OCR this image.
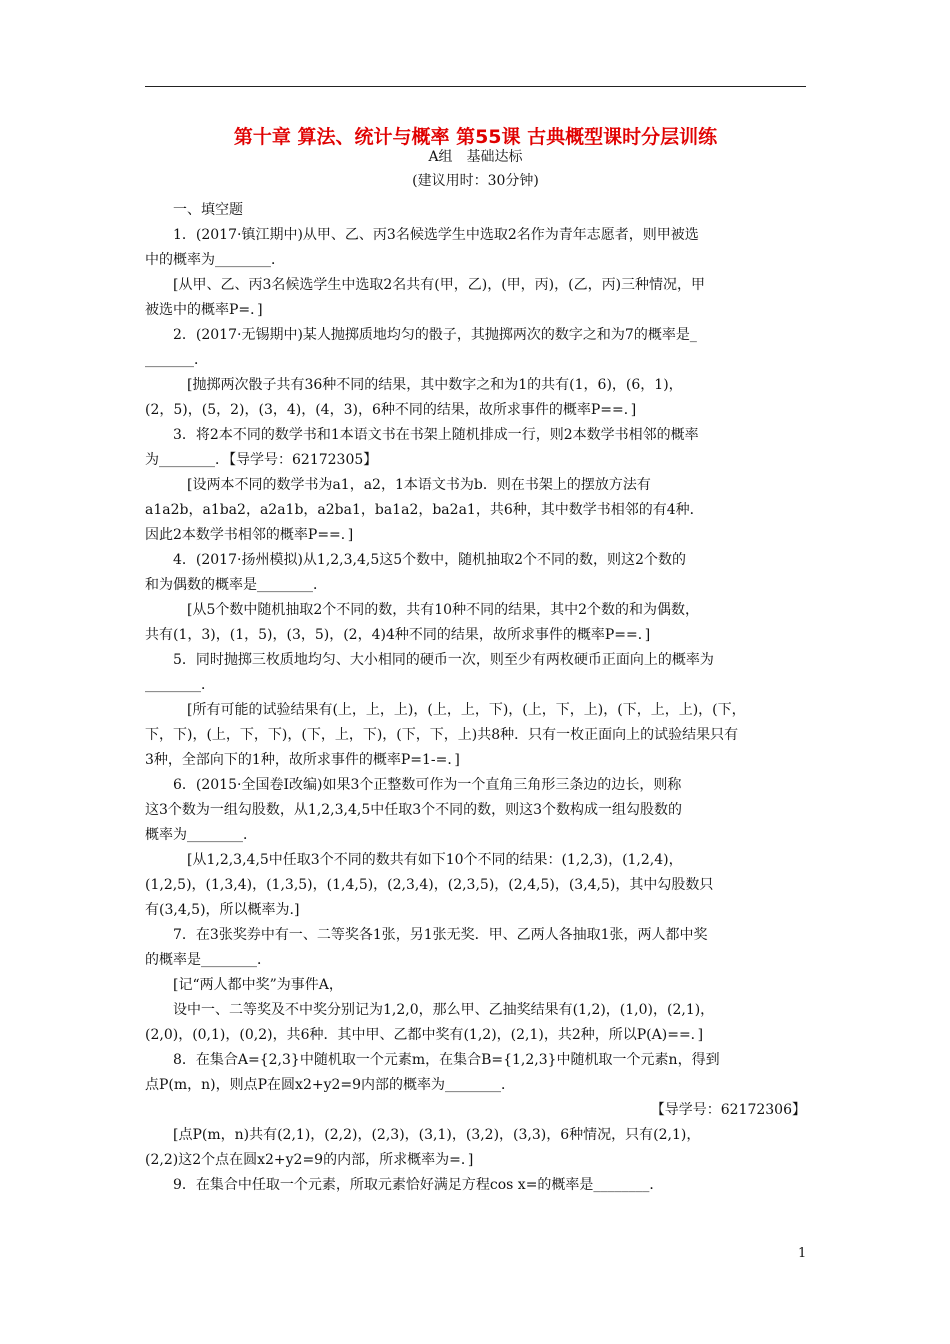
第十章 算法、统计与概率 第55课 古典概型课时分层训练
A组　基础达标
(建议用时：30分钟)

一、填空题

1．(2017·镇江期中)从甲、乙、丙3名候选学生中选取2名作为青年志愿者，则甲被选

中的概率为________．

[从甲、乙、丙3名候选学生中选取2名共有(甲，乙)，(甲，丙)，(乙，丙)三种情况，甲

被选中的概率P=．]

2．(2017·无锡期中)某人抛掷质地均匀的骰子，其抛掷两次的数字之和为7的概率是_

_______．

[抛掷两次骰子共有36种不同的结果，其中数字之和为1的共有(1，6)，(6，1)，

(2，5)，(5，2)，(3，4)，(4，3)，6种不同的结果，故所求事件的概率P==．]

3．将2本不同的数学书和1本语文书在书架上随机排成一行，则2本数学书相邻的概率

为________．【导学号：62172305】

[设两本不同的数学书为a1，a2，1本语文书为b．则在书架上的摆放方法有

a1a2b，a1ba2，a2a1b，a2ba1，ba1a2，ba2a1，共6种，其中数学书相邻的有4种．

因此2本数学书相邻的概率P==．]

4．(2017·扬州模拟)从1,2,3,4,5这5个数中，随机抽取2个不同的数，则这2个数的

和为偶数的概率是________．

[从5个数中随机抽取2个不同的数，共有10种不同的结果，其中2个数的和为偶数，

共有(1，3)，(1，5)，(3，5)，(2，4)4种不同的结果，故所求事件的概率P==．]

5．同时抛掷三枚质地均匀、大小相同的硬币一次，则至少有两枚硬币正面向上的概率为

________．

[所有可能的试验结果有(上，上，上)，(上，上，下)，(上，下，上)，(下，上，上)，(下，

下，下)，(上，下，下)，(下，上，下)，(下，下，上)共8种．只有一枚正面向上的试验结果只有

3种，全部向下的1种，故所求事件的概率P=1-=．]

6．(2015·全国卷Ⅰ改编)如果3个正整数可作为一个直角三角形三条边的边长，则称

这3个数为一组勾股数，从1,2,3,4,5中任取3个不同的数，则这3个数构成一组勾股数的

概率为________．

[从1,2,3,4,5中任取3个不同的数共有如下10个不同的结果：(1,2,3)，(1,2,4)，

(1,2,5)，(1,3,4)，(1,3,5)，(1,4,5)，(2,3,4)，(2,3,5)，(2,4,5)，(3,4,5)，其中勾股数只

有(3,4,5)，所以概率为.]

7．在3张奖券中有一、二等奖各1张，另1张无奖．甲、乙两人各抽取1张，两人都中奖

的概率是________．

[记“两人都中奖”为事件A，

设中一、二等奖及不中奖分别记为1,2,0，那么甲、乙抽奖结果有(1,2)，(1,0)，(2,1)，

(2,0)，(0,1)，(0,2)，共6种．其中甲、乙都中奖有(1,2)，(2,1)，共2种，所以P(A)==．]

8．在集合A={2,3}中随机取一个元素m，在集合B={1,2,3}中随机取一个元素n，得到

点P(m，n)，则点P在圆x2+y2=9内部的概率为________．

【导学号：62172306】

[点P(m，n)共有(2,1)，(2,2)，(2,3)，(3,1)，(3,2)，(3,3)，6种情况，只有(2,1)，

(2,2)这2个点在圆x2+y2=9的内部，所求概率为=．]

9．在集合中任取一个元素，所取元素恰好满足方程cos x=的概率是________．

1
